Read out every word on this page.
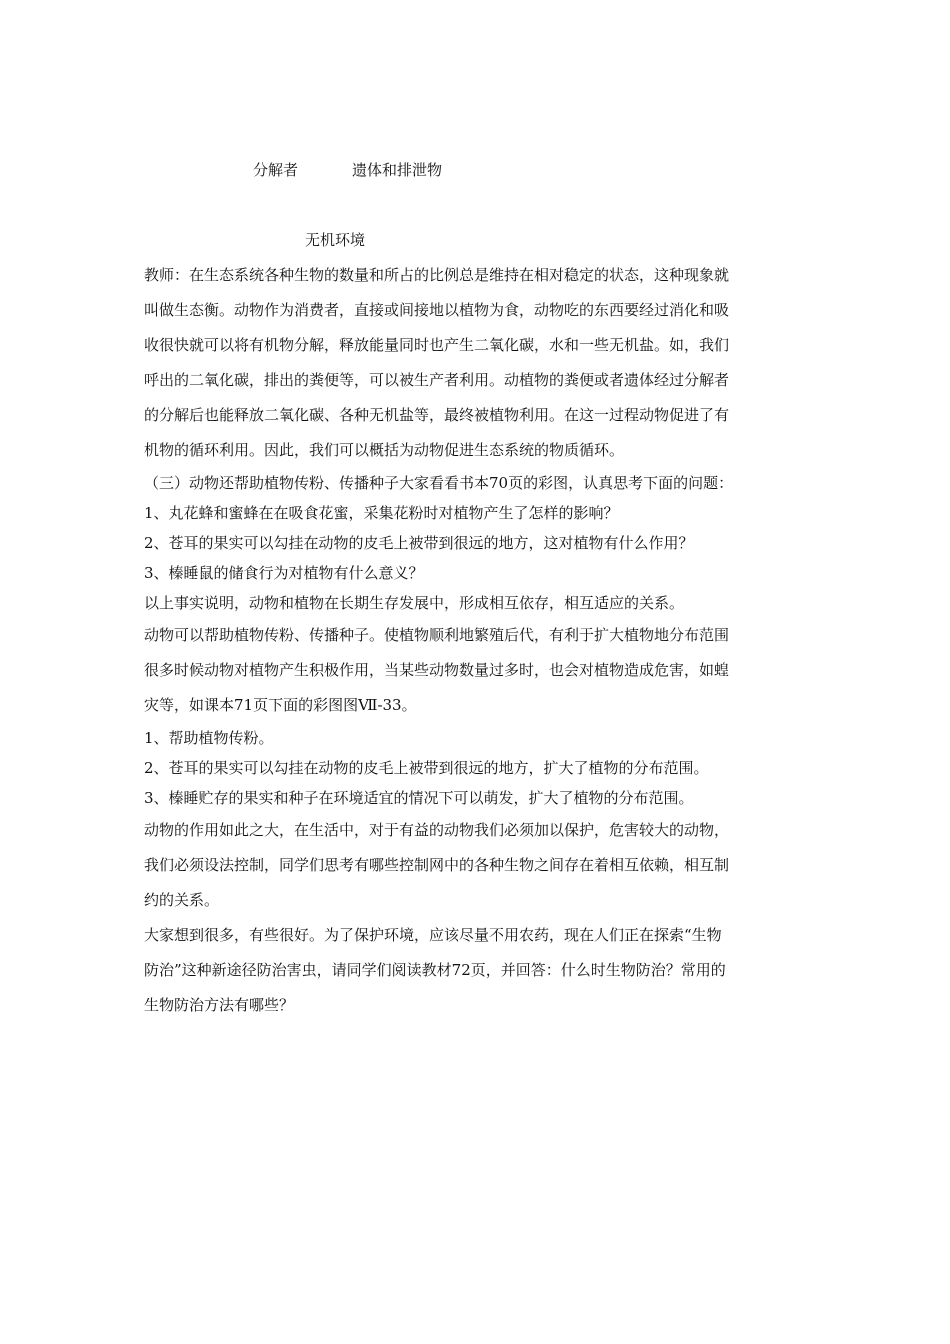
分解者	遗体和排泄物
无机环境
教师：在生态系统各种生物的数量和所占的比例总是维持在相对稳定的状态，这种现象就
叫做生态衡。动物作为消费者，直接或间接地以植物为食，动物吃的东西要经过消化和吸
收很快就可以将有机物分解，释放能量同时也产生二氧化碳，水和一些无机盐。如，我们
呼出的二氧化碳，排出的粪便等，可以被生产者利用。动植物的粪便或者遗体经过分解者
的分解后也能释放二氧化碳、各种无机盐等，最终被植物利用。在这一过程动物促进了有
机物的循环利用。因此，我们可以概括为动物促进生态系统的物质循环。
（三）动物还帮助植物传粉、传播种子大家看看书本70页的彩图，认真思考下面的问题：
1、丸花蜂和蜜蜂在在吸食花蜜，采集花粉时对植物产生了怎样的影响？
2、苍耳的果实可以勾挂在动物的皮毛上被带到很远的地方，这对植物有什么作用？
3、榛睡鼠的储食行为对植物有什么意义？
以上事实说明，动物和植物在长期生存发展中，形成相互依存，相互适应的关系。
动物可以帮助植物传粉、传播种子。使植物顺利地繁殖后代，有利于扩大植物地分布范围
很多时候动物对植物产生积极作用，当某些动物数量过多时，也会对植物造成危害，如蝗
灾等，如课本71页下面的彩图图Ⅶ-33。
1、帮助植物传粉。
2、苍耳的果实可以勾挂在动物的皮毛上被带到很远的地方，扩大了植物的分布范围。
3、榛睡贮存的果实和种子在环境适宜的情况下可以萌发，扩大了植物的分布范围。
动物的作用如此之大，在生活中，对于有益的动物我们必须加以保护，危害较大的动物，
我们必须设法控制，同学们思考有哪些控制网中的各种生物之间存在着相互依赖，相互制
约的关系。
大家想到很多，有些很好。为了保护环境，应该尽量不用农药，现在人们正在探索“生物
防治”这种新途径防治害虫，请同学们阅读教材72页，并回答：什么时生物防治？常用的
生物防治方法有哪些？
